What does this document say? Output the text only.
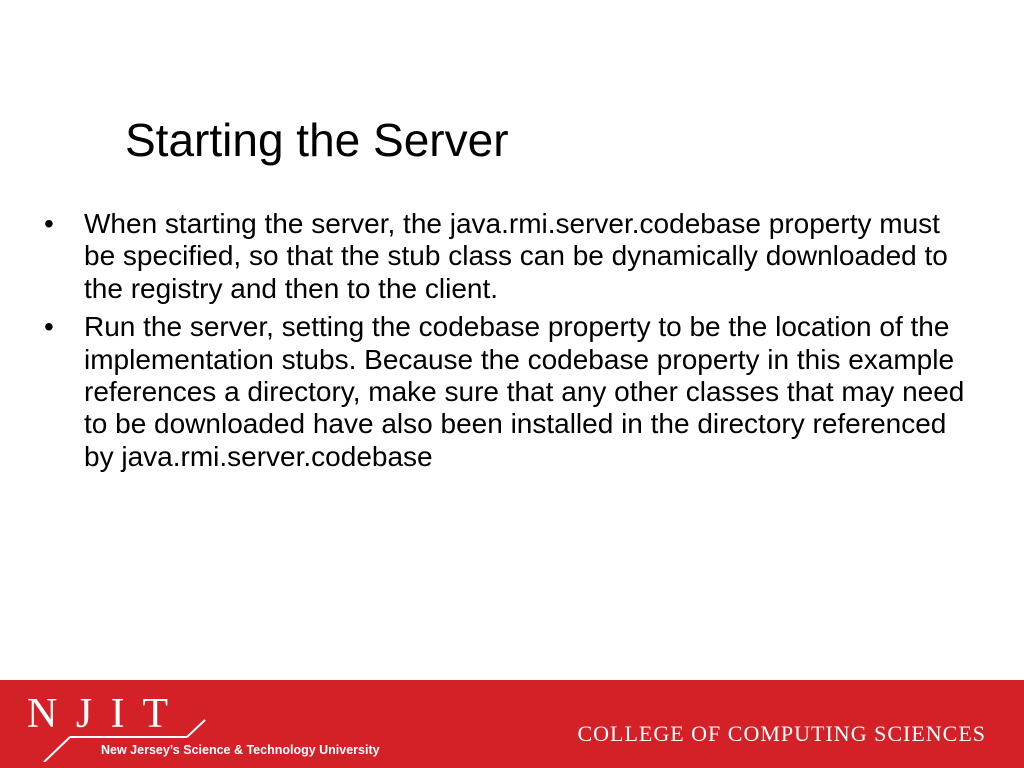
Starting the Server
• When starting the server, the java.rmi.server.codebase property must be specified, so that the stub class can be dynamically downloaded to the registry and then to the client.
• Run the server, setting the codebase property to be the location of the implementation stubs. Because the codebase property in this example references a directory, make sure that any other classes that may need to be downloaded have also been installed in the directory referenced by java.rmi.server.codebase
N J I T
New Jersey’s Science & Technology University
COLLEGE OF COMPUTING SCIENCES
